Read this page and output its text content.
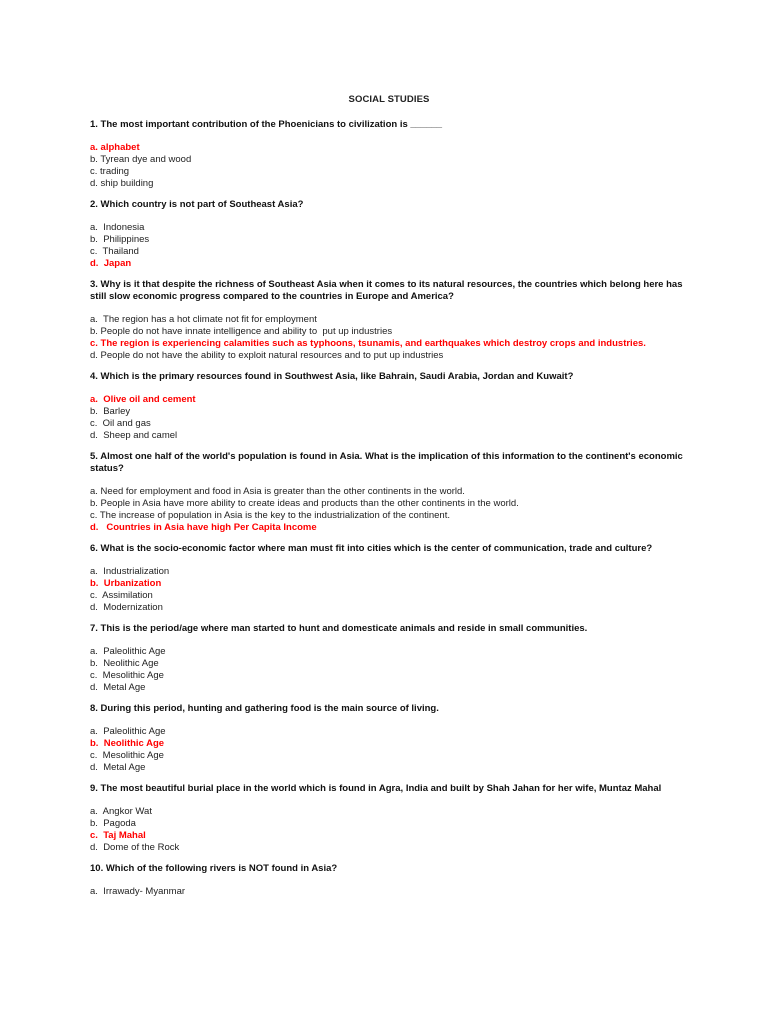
SOCIAL STUDIES
1. The most important contribution of the Phoenicians to civilization is ______
a. alphabet
b. Tyrean dye and wood
c. trading
d. ship building
2. Which country is not part of Southeast Asia?
a.  Indonesia
b.  Philippines
c.  Thailand
d.  Japan
3. Why is it that despite the richness of Southeast Asia when it comes to its natural resources, the countries which belong here has still slow economic progress compared to the countries in Europe and America?
a.  The region has a hot climate not fit for employment
b. People do not have innate intelligence and ability to  put up industries
c. The region is experiencing calamities such as typhoons, tsunamis, and earthquakes which destroy crops and industries.
d. People do not have the ability to exploit natural resources and to put up industries
4. Which is the primary resources found in Southwest Asia, like Bahrain, Saudi Arabia, Jordan and Kuwait?
a.  Olive oil and cement
b.  Barley
c.  Oil and gas
d.  Sheep and camel
5. Almost one half of the world's population is found in Asia. What is the implication of this information to the continent's economic status?
a. Need for employment and food in Asia is greater than the other continents in the world.
b. People in Asia have more ability to create ideas and products than the other continents in the world.
c. The increase of population in Asia is the key to the industrialization of the continent.
d.   Countries in Asia have high Per Capita Income
6. What is the socio-economic factor where man must fit into cities which is the center of communication, trade and culture?
a.  Industrialization
b.  Urbanization
c.  Assimilation
d.  Modernization
7. This is the period/age where man started to hunt and domesticate animals and reside in small communities.
a.  Paleolithic Age
b.  Neolithic Age
c.  Mesolithic Age
d.  Metal Age
8. During this period, hunting and gathering food is the main source of living.
a.  Paleolithic Age
b.  Neolithic Age
c.  Mesolithic Age
d.  Metal Age
9. The most beautiful burial place in the world which is found in Agra, India and built by Shah Jahan for her wife, Muntaz Mahal
a.  Angkor Wat
b.  Pagoda
c.  Taj Mahal
d.  Dome of the Rock
10. Which of the following rivers is NOT found in Asia?
a.  Irrawady- Myanmar
